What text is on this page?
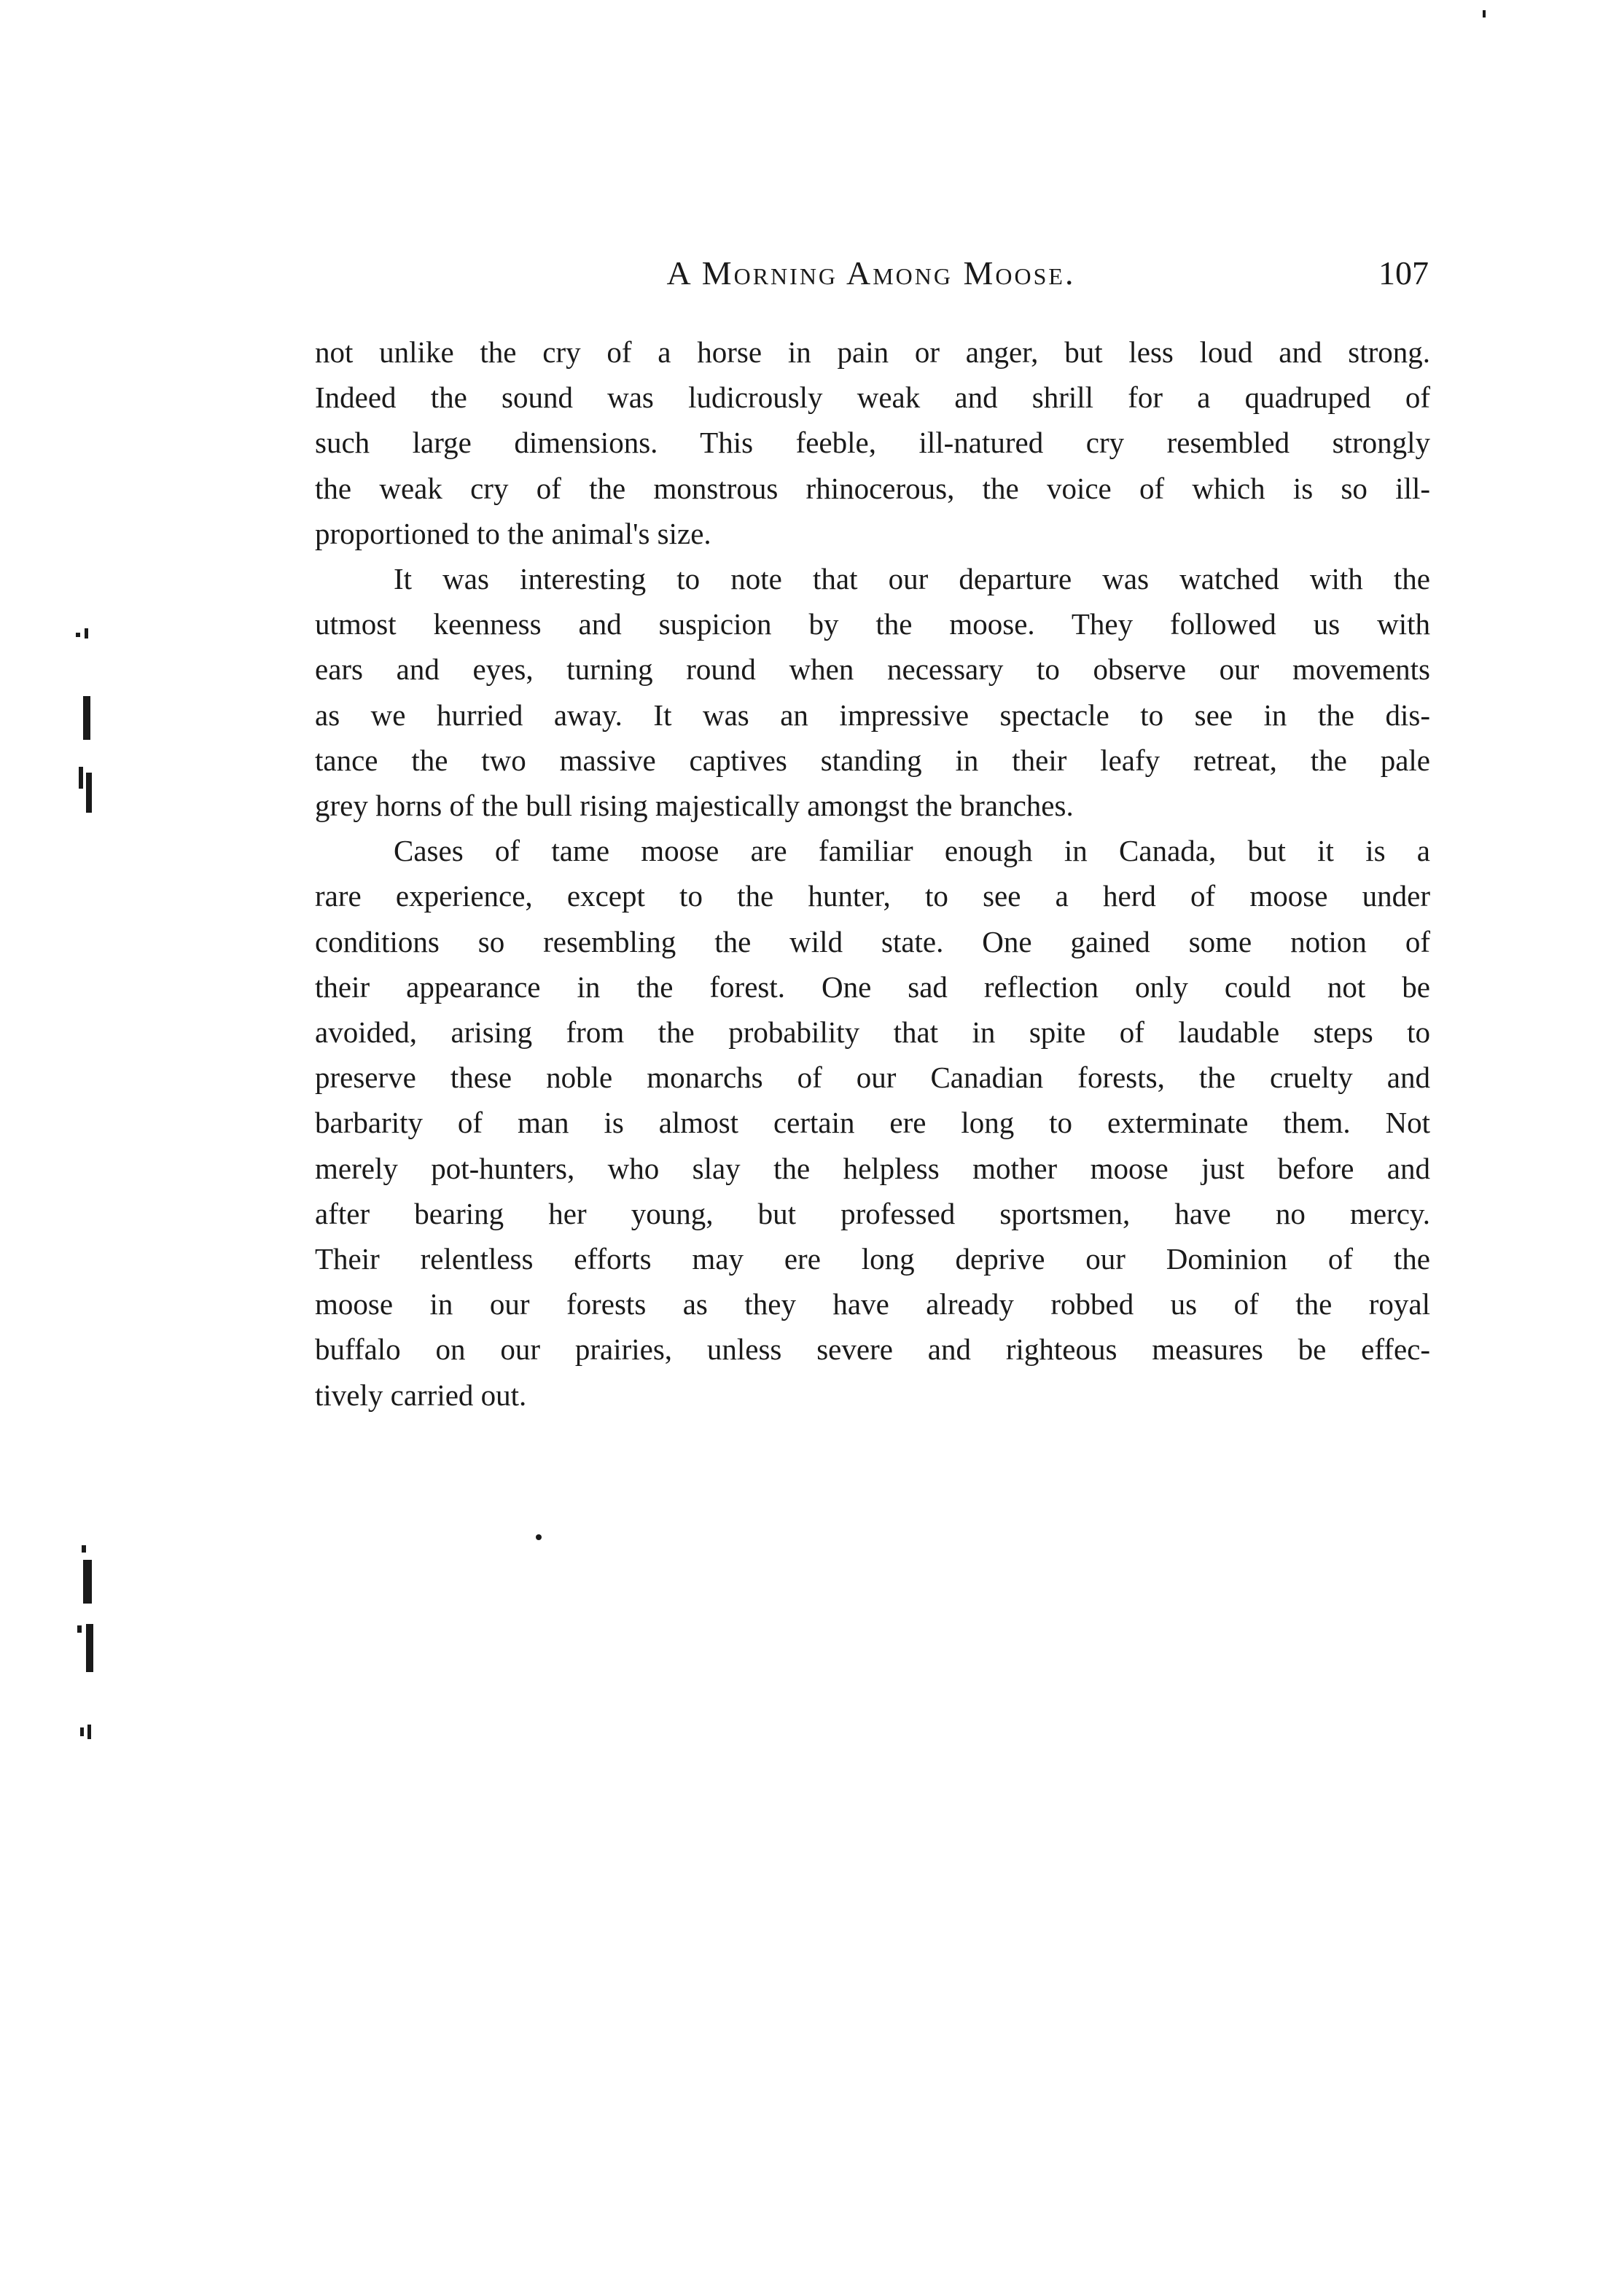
A Morning Among Moose.	107
not unlike the cry of a horse in pain or anger, but less loud and strong.
Indeed the sound was ludicrously weak and shrill for a quadruped of
such large dimensions. This feeble, ill-natured cry resembled strongly
the weak cry of the monstrous rhinocerous, the voice of which is so ill-
proportioned to the animal's size.
It was interesting to note that our departure was watched with the
utmost keenness and suspicion by the moose. They followed us with
ears and eyes, turning round when necessary to observe our movements
as we hurried away. It was an impressive spectacle to see in the dis-
tance the two massive captives standing in their leafy retreat, the pale
grey horns of the bull rising majestically amongst the branches.
Cases of tame moose are familiar enough in Canada, but it is a
rare experience, except to the hunter, to see a herd of moose under
conditions so resembling the wild state. One gained some notion of
their appearance in the forest. One sad reflection only could not be
avoided, arising from the probability that in spite of laudable steps to
preserve these noble monarchs of our Canadian forests, the cruelty and
barbarity of man is almost certain ere long to exterminate them. Not
merely pot-hunters, who slay the helpless mother moose just before and
after bearing her young, but professed sportsmen, have no mercy.
Their relentless efforts may ere long deprive our Dominion of the
moose in our forests as they have already robbed us of the royal
buffalo on our prairies, unless severe and righteous measures be effec-
tively carried out.
